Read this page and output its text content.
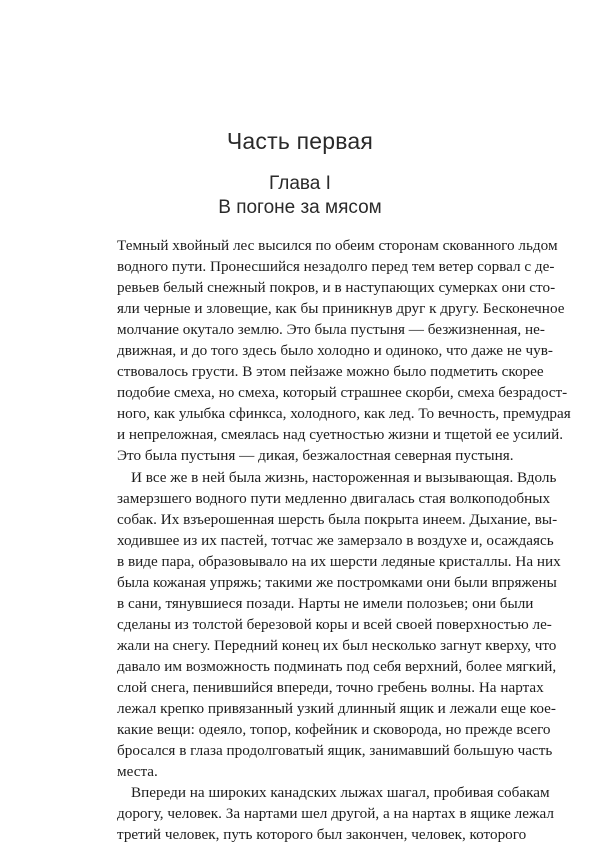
Часть первая
Глава I
В погоне за мясом
Темный хвойный лес высился по обеим сторонам скованного льдом
водного пути. Пронесшийся незадолго перед тем ветер сорвал с де-
ревьев белый снежный покров, и в наступающих сумерках они сто-
яли черные и зловещие, как бы приникнув друг к другу. Бесконечное
молчание окутало землю. Это была пустыня — безжизненная, не-
движная, и до того здесь было холодно и одиноко, что даже не чув-
ствовалось грусти. В этом пейзаже можно было подметить скорее
подобие смеха, но смеха, который страшнее скорби, смеха безрадост-
ного, как улыбка сфинкса, холодного, как лед. То вечность, премудрая
и непреложная, смеялась над суетностью жизни и тщетой ее усилий.
Это была пустыня — дикая, безжалостная северная пустыня.
И все же в ней была жизнь, настороженная и вызывающая. Вдоль
замерзшего водного пути медленно двигалась стая волкоподобных
собак. Их взъерошенная шерсть была покрыта инеем. Дыхание, вы-
ходившее из их пастей, тотчас же замерзало в воздухе и, осаждаясь
в виде пара, образовывало на их шерсти ледяные кристаллы. На них
была кожаная упряжь; такими же постромками они были впряжены
в сани, тянувшиеся позади. Нарты не имели полозьев; они были
сделаны из толстой березовой коры и всей своей поверхностью ле-
жали на снегу. Передний конец их был несколько загнут кверху, что
давало им возможность подминать под себя верхний, более мягкий,
слой снега, пенившийся впереди, точно гребень волны. На нартах
лежал крепко привязанный узкий длинный ящик и лежали еще кое-
какие вещи: одеяло, топор, кофейник и сковорода, но прежде всего
бросался в глаза продолговатый ящик, занимавший большую часть
места.
Впереди на широких канадских лыжах шагал, пробивая собакам
дорогу, человек. За нартами шел другой, а на нартах в ящике лежал
третий человек, путь которого был закончен, человек, которого
